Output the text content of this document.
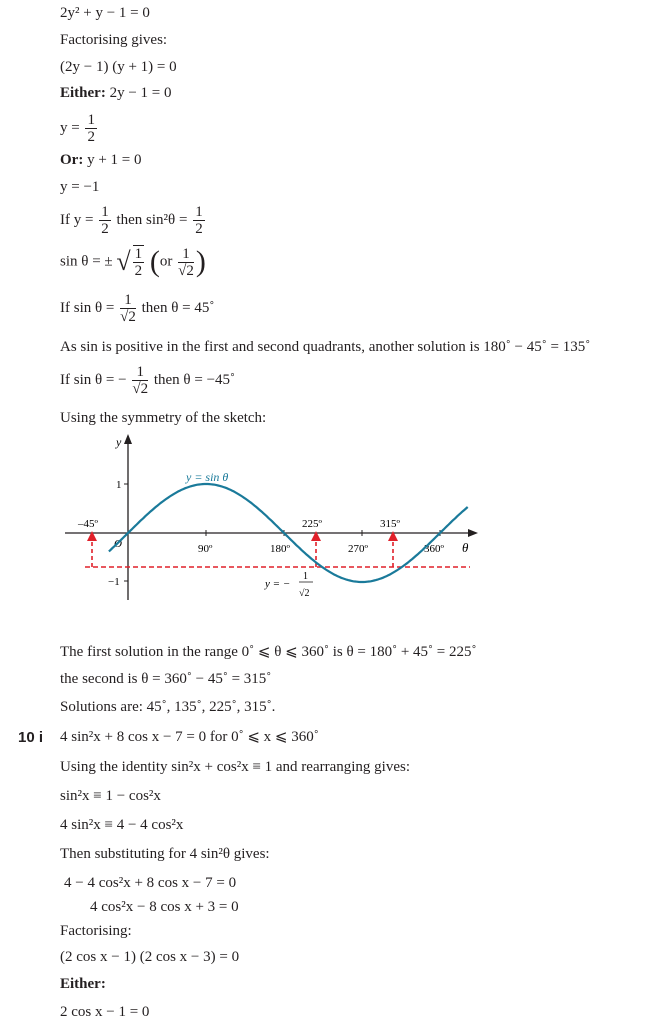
2y² + y − 1 = 0
Factorising gives:
(2y − 1) (y + 1) = 0
Either: 2y − 1 = 0
$y = \frac{1}{2}$
Or: y + 1 = 0
y = −1
If $y = \frac{1}{2}$ then $\sin^2\theta = \frac{1}{2}$
sin θ = ± √ $\frac{1}{2} (or \frac{1}{√2}$ )
If $\sin \theta = \frac{1}{√2}$ then θ = 45˚
As sin is positive in the first and second quadrants, another solution is 180˚ − 45˚ = 135˚
If sin θ = − $\frac{1}{√2}$ then θ = −45˚
Using the symmetry of the sketch:
y
θ
1
−1
90º	180º	270º	360º
O
–45º	225º	315º
y = sin θ
y = −
1
√2
The first solution in the range 0˚ ⩽ θ ⩽ 360˚ is θ = 180˚ + 45˚ = 225˚
the second is θ = 360˚ − 45˚ = 315˚
Solutions are: 45˚, 135˚, 225˚, 315˚.
10 i 4 sin²x + 8 cos x − 7 = 0 for 0˚ ⩽ x ⩽ 360˚
Using the identity sin²x + cos²x ≡ 1 and rearranging gives:
sin²x ≡ 1 − cos²x
4 sin²x ≡ 4 − 4 cos²x
Then substituting for 4 sin²θ gives:
4 − 4 cos²x + 8 cos x − 7 = 0
4 cos²x − 8 cos x + 3 = 0
Factorising:
(2 cos x − 1) (2 cos x − 3) = 0
Either:
2 cos x − 1 = 0
